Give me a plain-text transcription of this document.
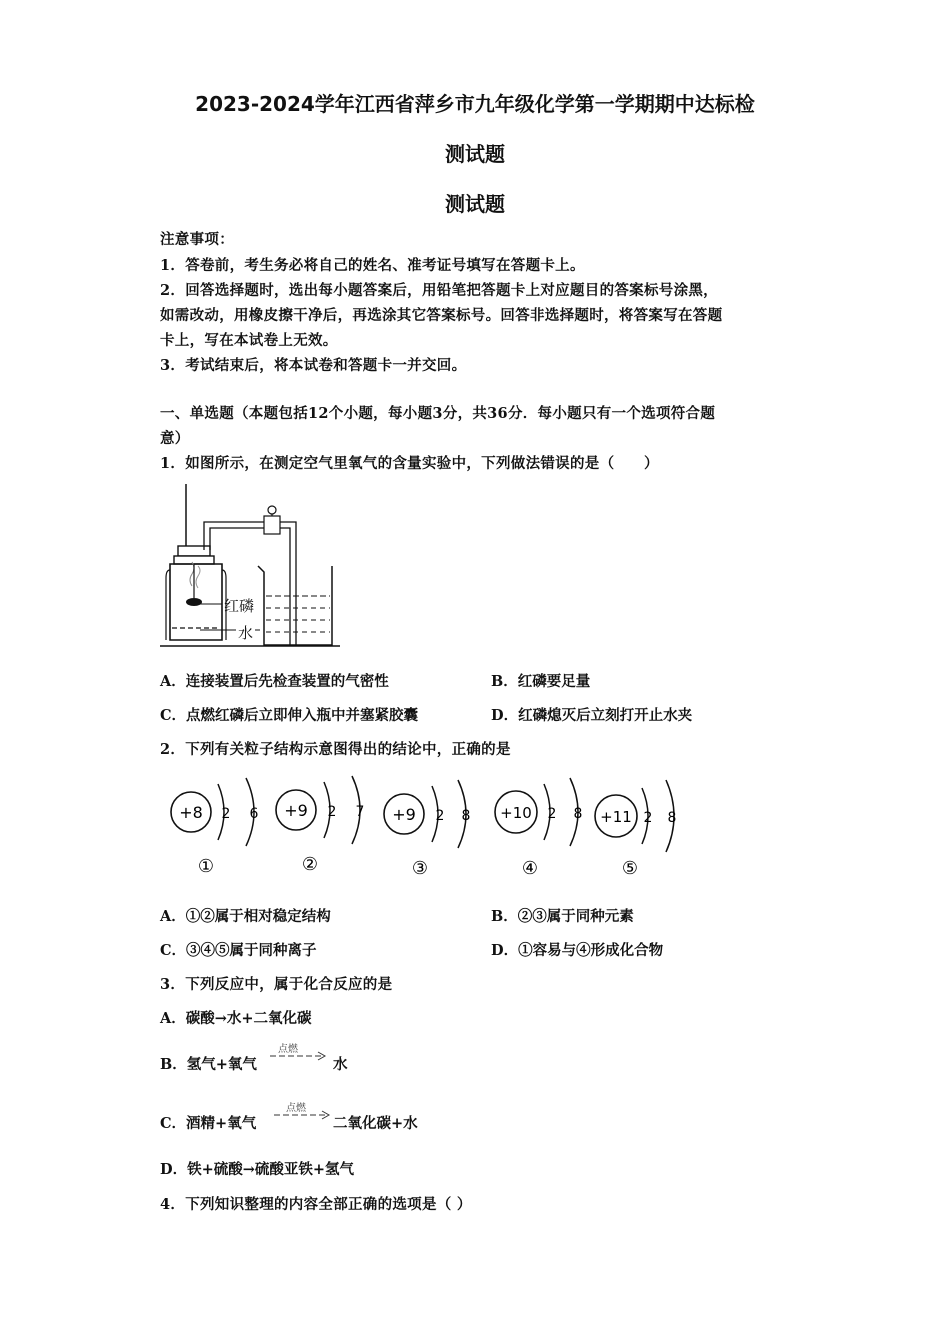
2023-2024学年江西省萍乡市九年级化学第一学期期中达标检
测试题
测试题
注意事项：
1．答卷前，考生务必将自己的姓名、准考证号填写在答题卡上。
2．回答选择题时，选出每小题答案后，用铅笔把答题卡上对应题目的答案标号涂黑，
如需改动，用橡皮擦干净后，再选涂其它答案标号。回答非选择题时，将答案写在答题
卡上，写在本试卷上无效。
3．考试结束后，将本试卷和答题卡一并交回。
一、单选题（本题包括12个小题，每小题3分，共36分．每小题只有一个选项符合题
意）
1．如图所示，在测定空气里氧气的含量实验中，下列做法错误的是（　　）
红磷
水
A．连接装置后先检查装置的气密性	B．红磷要足量
C．点燃红磷后立即伸入瓶中并塞紧胶囊	D．红磷熄灭后立刻打开止水夹
2．下列有关粒子结构示意图得出的结论中，正确的是
+8 2 6
①
+9 2 7
②
+9 2 8
③
+10 2 8
④
+11 2 8
⑤
A．①②属于相对稳定结构	B．②③属于同种元素
C．③④⑤属于同种离子	D．①容易与④形成化合物
3．下列反应中，属于化合反应的是
A．碳酸→水+二氧化碳
B．氢气+氧气
点燃
水
C．酒精+氧气
点燃
二氧化碳+水
D．铁+硫酸→硫酸亚铁+氢气
4．下列知识整理的内容全部正确的选项是（ ）
